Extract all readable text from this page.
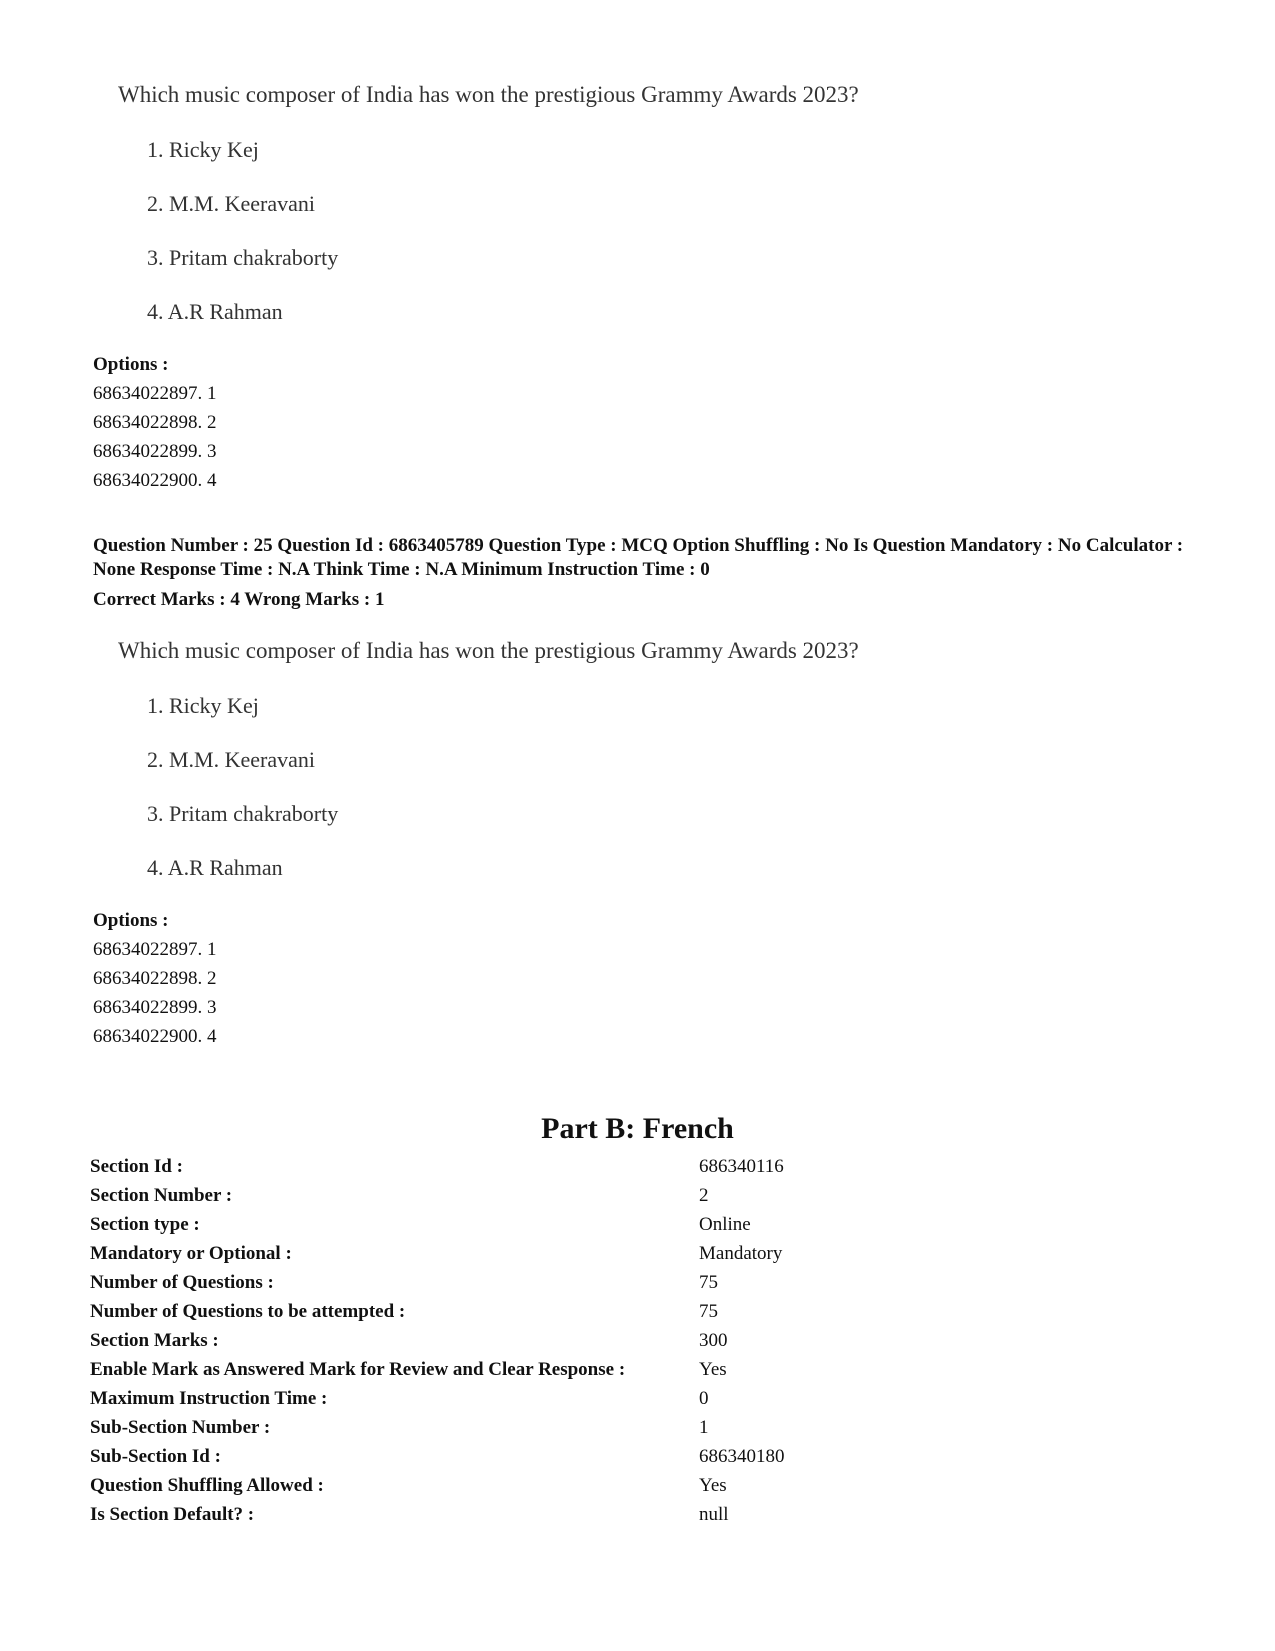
Which music composer of India has won the prestigious Grammy Awards 2023?
1. Ricky Kej
2. M.M. Keeravani
3. Pritam chakraborty
4. A.R Rahman
Options :
68634022897. 1
68634022898. 2
68634022899. 3
68634022900. 4
Question Number : 25 Question Id : 6863405789 Question Type : MCQ Option Shuffling : No Is Question Mandatory : No Calculator : None Response Time : N.A Think Time : N.A Minimum Instruction Time : 0
Correct Marks : 4 Wrong Marks : 1
Which music composer of India has won the prestigious Grammy Awards 2023?
1. Ricky Kej
2. M.M. Keeravani
3. Pritam chakraborty
4. A.R Rahman
Options :
68634022897. 1
68634022898. 2
68634022899. 3
68634022900. 4
Part B: French
Section Id :	686340116
Section Number :	2
Section type :	Online
Mandatory or Optional :	Mandatory
Number of Questions :	75
Number of Questions to be attempted :	75
Section Marks :	300
Enable Mark as Answered Mark for Review and Clear Response :	Yes
Maximum Instruction Time :	0
Sub-Section Number :	1
Sub-Section Id :	686340180
Question Shuffling Allowed :	Yes
Is Section Default? :	null
